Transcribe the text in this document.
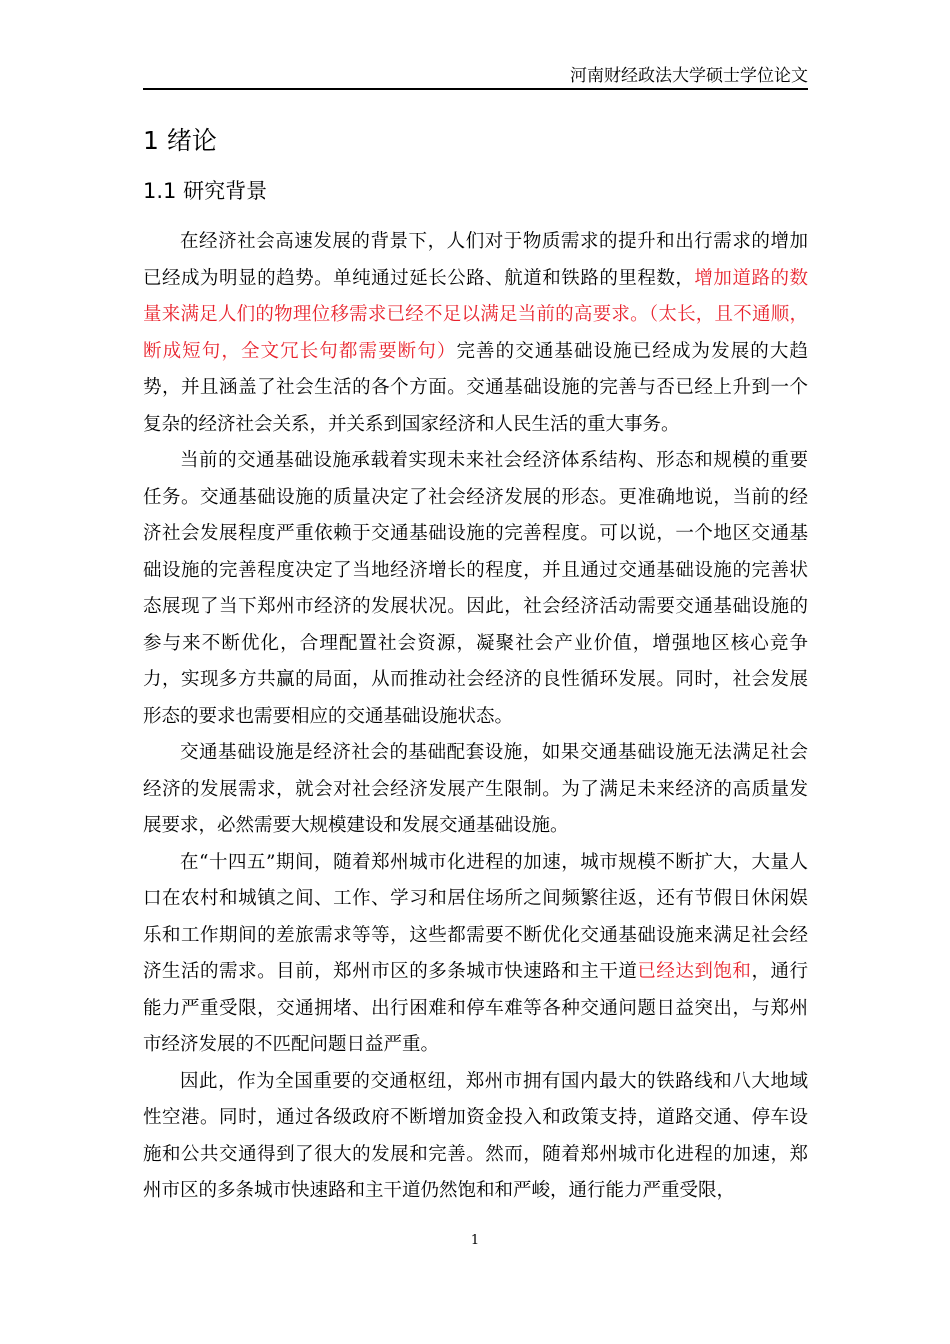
河南财经政法大学硕士学位论文
1 绪论
1.1 研究背景

在经济社会高速发展的背景下，人们对于物质需求的提升和出行需求的增加已经成为明显的趋势。单纯通过延长公路、航道和铁路的里程数，增加道路的数量来满足人们的物理位移需求已经不足以满足当前的高要求。（太长，且不通顺，断成短句，全文冗长句都需要断句）完善的交通基础设施已经成为发展的大趋势，并且涵盖了社会生活的各个方面。交通基础设施的完善与否已经上升到一个复杂的经济社会关系，并关系到国家经济和人民生活的重大事务。

当前的交通基础设施承载着实现未来社会经济体系结构、形态和规模的重要任务。交通基础设施的质量决定了社会经济发展的形态。更准确地说，当前的经济社会发展程度严重依赖于交通基础设施的完善程度。可以说，一个地区交通基础设施的完善程度决定了当地经济增长的程度，并且通过交通基础设施的完善状态展现了当下郑州市经济的发展状况。因此，社会经济活动需要交通基础设施的参与来不断优化，合理配置社会资源，凝聚社会产业价值，增强地区核心竞争力，实现多方共赢的局面，从而推动社会经济的良性循环发展。同时，社会发展形态的要求也需要相应的交通基础设施状态。

交通基础设施是经济社会的基础配套设施，如果交通基础设施无法满足社会经济的发展需求，就会对社会经济发展产生限制。为了满足未来经济的高质量发展要求，必然需要大规模建设和发展交通基础设施。

在“十四五”期间，随着郑州城市化进程的加速，城市规模不断扩大，大量人口在农村和城镇之间、工作、学习和居住场所之间频繁往返，还有节假日休闲娱乐和工作期间的差旅需求等等，这些都需要不断优化交通基础设施来满足社会经济生活的需求。目前，郑州市区的多条城市快速路和主干道已经达到饱和，通行能力严重受限，交通拥堵、出行困难和停车难等各种交通问题日益突出，与郑州市经济发展的不匹配问题日益严重。

因此，作为全国重要的交通枢纽，郑州市拥有国内最大的铁路线和八大地域性空港。同时，通过各级政府不断增加资金投入和政策支持，道路交通、停车设施和公共交通得到了很大的发展和完善。然而，随着郑州城市化进程的加速，郑州市区的多条城市快速路和主干道仍然饱和和严峻，通行能力严重受限，

1
